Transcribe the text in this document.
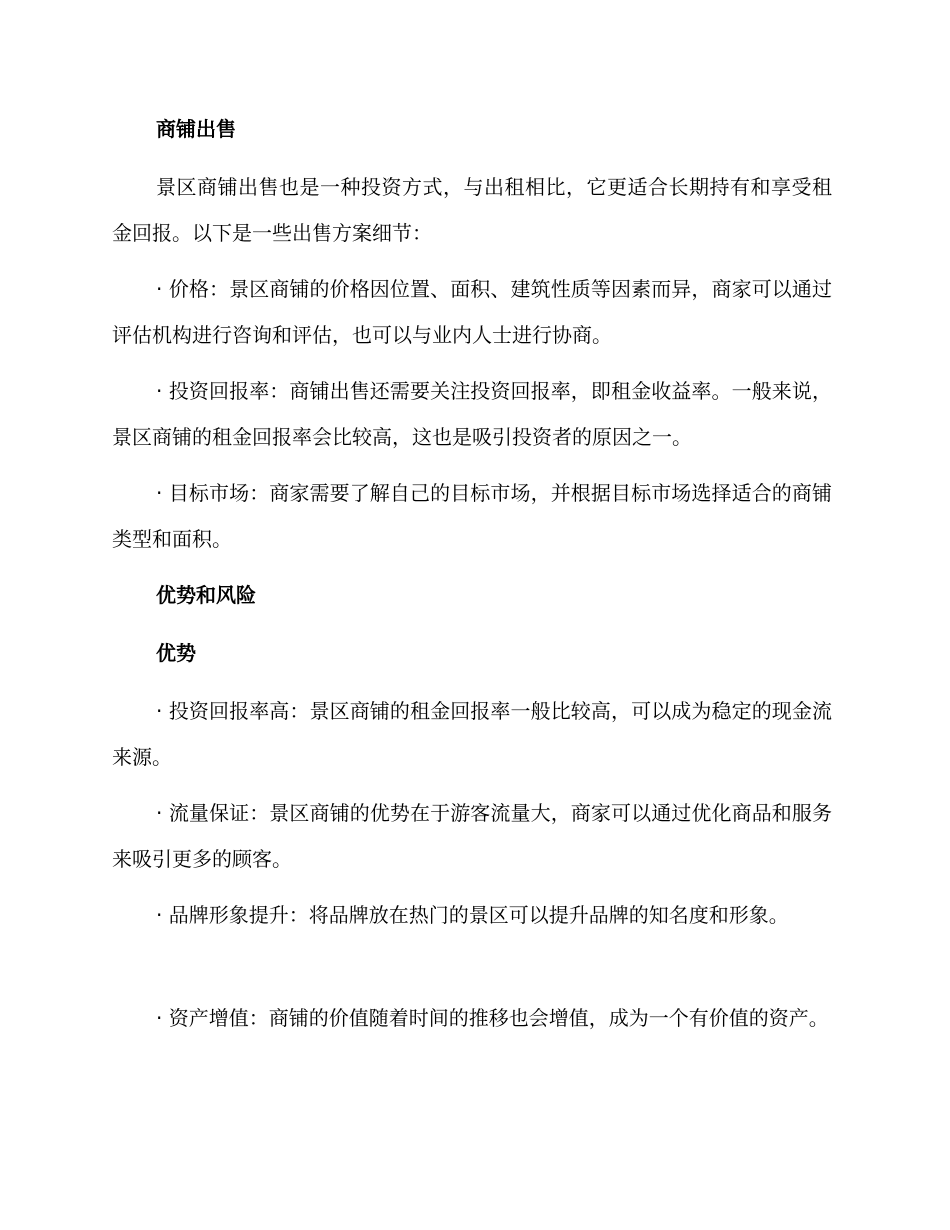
商铺出售

景区商铺出售也是一种投资方式，与出租相比，它更适合长期持有和享受租金回报。以下是一些出售方案细节：

· 价格：景区商铺的价格因位置、面积、建筑性质等因素而异，商家可以通过评估机构进行咨询和评估，也可以与业内人士进行协商。

· 投资回报率：商铺出售还需要关注投资回报率，即租金收益率。一般来说，景区商铺的租金回报率会比较高，这也是吸引投资者的原因之一。

· 目标市场：商家需要了解自己的目标市场，并根据目标市场选择适合的商铺类型和面积。

优势和风险
优势

· 投资回报率高：景区商铺的租金回报率一般比较高，可以成为稳定的现金流来源。

· 流量保证：景区商铺的优势在于游客流量大，商家可以通过优化商品和服务来吸引更多的顾客。

· 品牌形象提升：将品牌放在热门的景区可以提升品牌的知名度和形象。

· 资产增值：商铺的价值随着时间的推移也会增值，成为一个有价值的资产。
